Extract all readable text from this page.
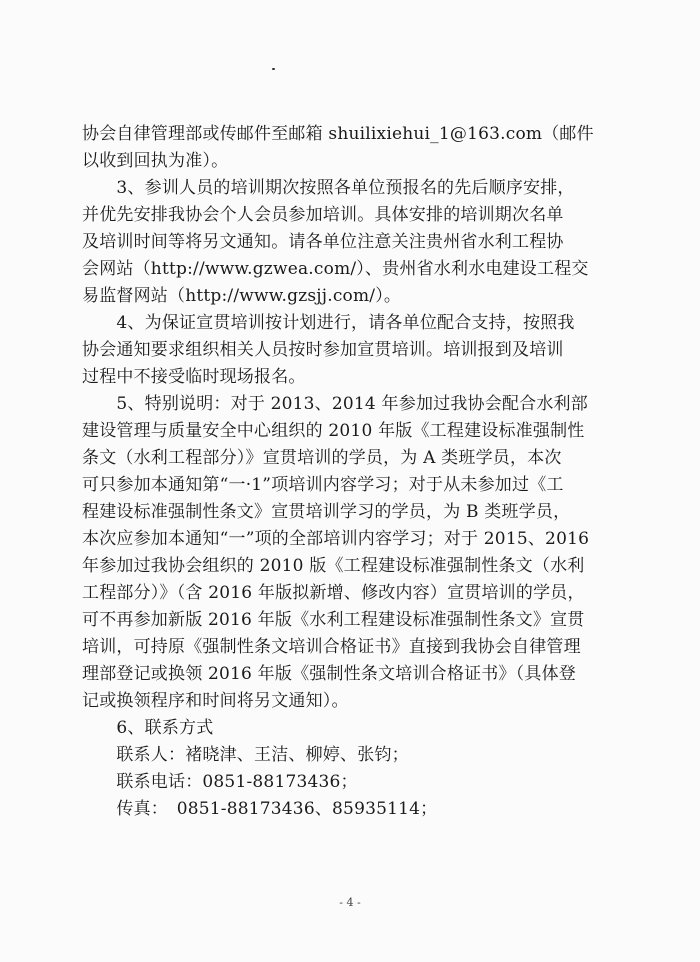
协会自律管理部或传邮件至邮箱 shuilixiehui_1@163.com（邮件
以收到回执为准）。
　　3、参训人员的培训期次按照各单位预报名的先后顺序安排，
并优先安排我协会个人会员参加培训。具体安排的培训期次名单
及培训时间等将另文通知。请各单位注意关注贵州省水利工程协
会网站（http://www.gzwea.com/）、贵州省水利水电建设工程交
易监督网站（http://www.gzsjj.com/）。
　　4、为保证宣贯培训按计划进行，请各单位配合支持，按照我
协会通知要求组织相关人员按时参加宣贯培训。培训报到及培训
过程中不接受临时现场报名。
　　5、特别说明：对于 2013、2014 年参加过我协会配合水利部
建设管理与质量安全中心组织的 2010 年版《工程建设标准强制性
条文（水利工程部分）》宣贯培训的学员，为 A 类班学员，本次
可只参加本通知第“一·1”项培训内容学习；对于从未参加过《工
程建设标准强制性条文》宣贯培训学习的学员，为 B 类班学员，
本次应参加本通知“一”项的全部培训内容学习；对于 2015、2016
年参加过我协会组织的 2010 版《工程建设标准强制性条文（水利
工程部分）》（含 2016 年版拟新增、修改内容）宣贯培训的学员，
可不再参加新版 2016 年版《水利工程建设标准强制性条文》宣贯
培训，可持原《强制性条文培训合格证书》直接到我协会自律管理
理部登记或换领 2016 年版《强制性条文培训合格证书》（具体登
记或换领程序和时间将另文通知）。
　　6、联系方式
　　联系人：褚晓津、王洁、柳婷、张钧；
　　联系电话：0851-88173436；
　　传真：　0851-88173436、85935114；
- 4 -
